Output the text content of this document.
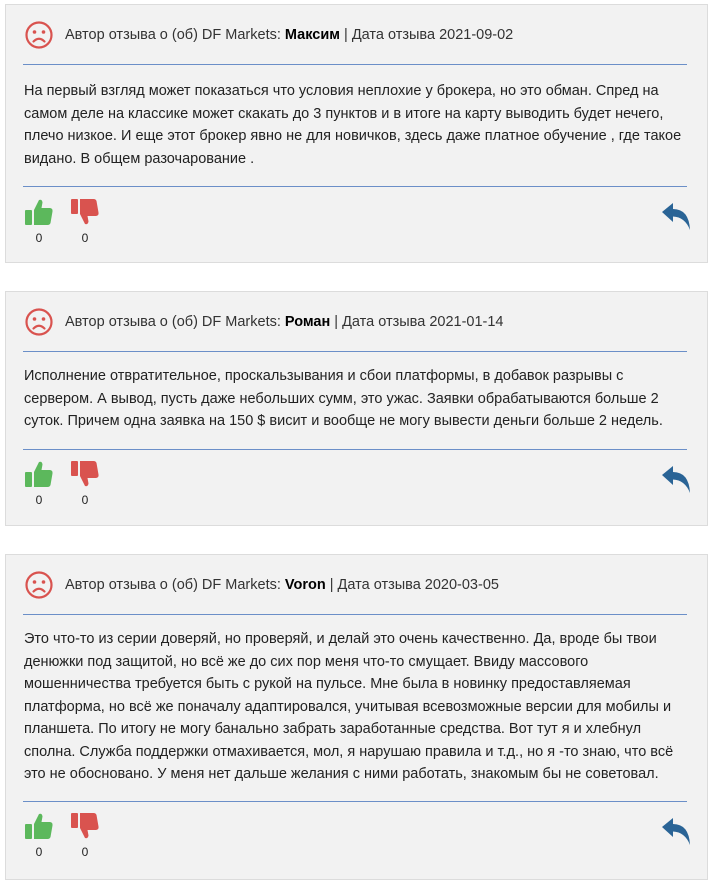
Автор отзыва о (об) DF Markets: Максим | Дата отзыва 2021-09-02
На первый взгляд может показаться что условия неплохие у брокера, но это обман. Спред на самом деле на классике может скакать до 3 пунктов и в итоге на карту выводить будет нечего, плечо низкое. И еще этот брокер явно не для новичков, здесь даже платное обучение , где такое видано. В общем разочарование .
0	0
Автор отзыва о (об) DF Markets: Роман | Дата отзыва 2021-01-14
Исполнение отвратительное, проскальзывания и сбои платформы, в добавок разрывы с сервером. А вывод, пусть даже небольших сумм, это ужас. Заявки обрабатываются больше 2 суток. Причем одна заявка на 150 $ висит и вообще не могу вывести деньги больше 2 недель.
0	0
Автор отзыва о (об) DF Markets: Voron | Дата отзыва 2020-03-05
Это что-то из серии доверяй, но проверяй, и делай это очень качественно. Да, вроде бы твои денюжки под защитой, но всё же до сих пор меня что-то смущает. Ввиду массового мошенничества требуется быть с рукой на пульсе. Мне была в новинку предоставляемая платформа, но всё же поначалу адаптировался, учитывая всевозможные версии для мобилы и планшета. По итогу не могу банально забрать заработанные средства. Вот тут я и хлебнул сполна. Служба поддержки отмахивается, мол, я нарушаю правила и т.д., но я -то знаю, что всё это не обосновано. У меня нет дальше желания с ними работать, знакомым бы не советовал.
0	0
